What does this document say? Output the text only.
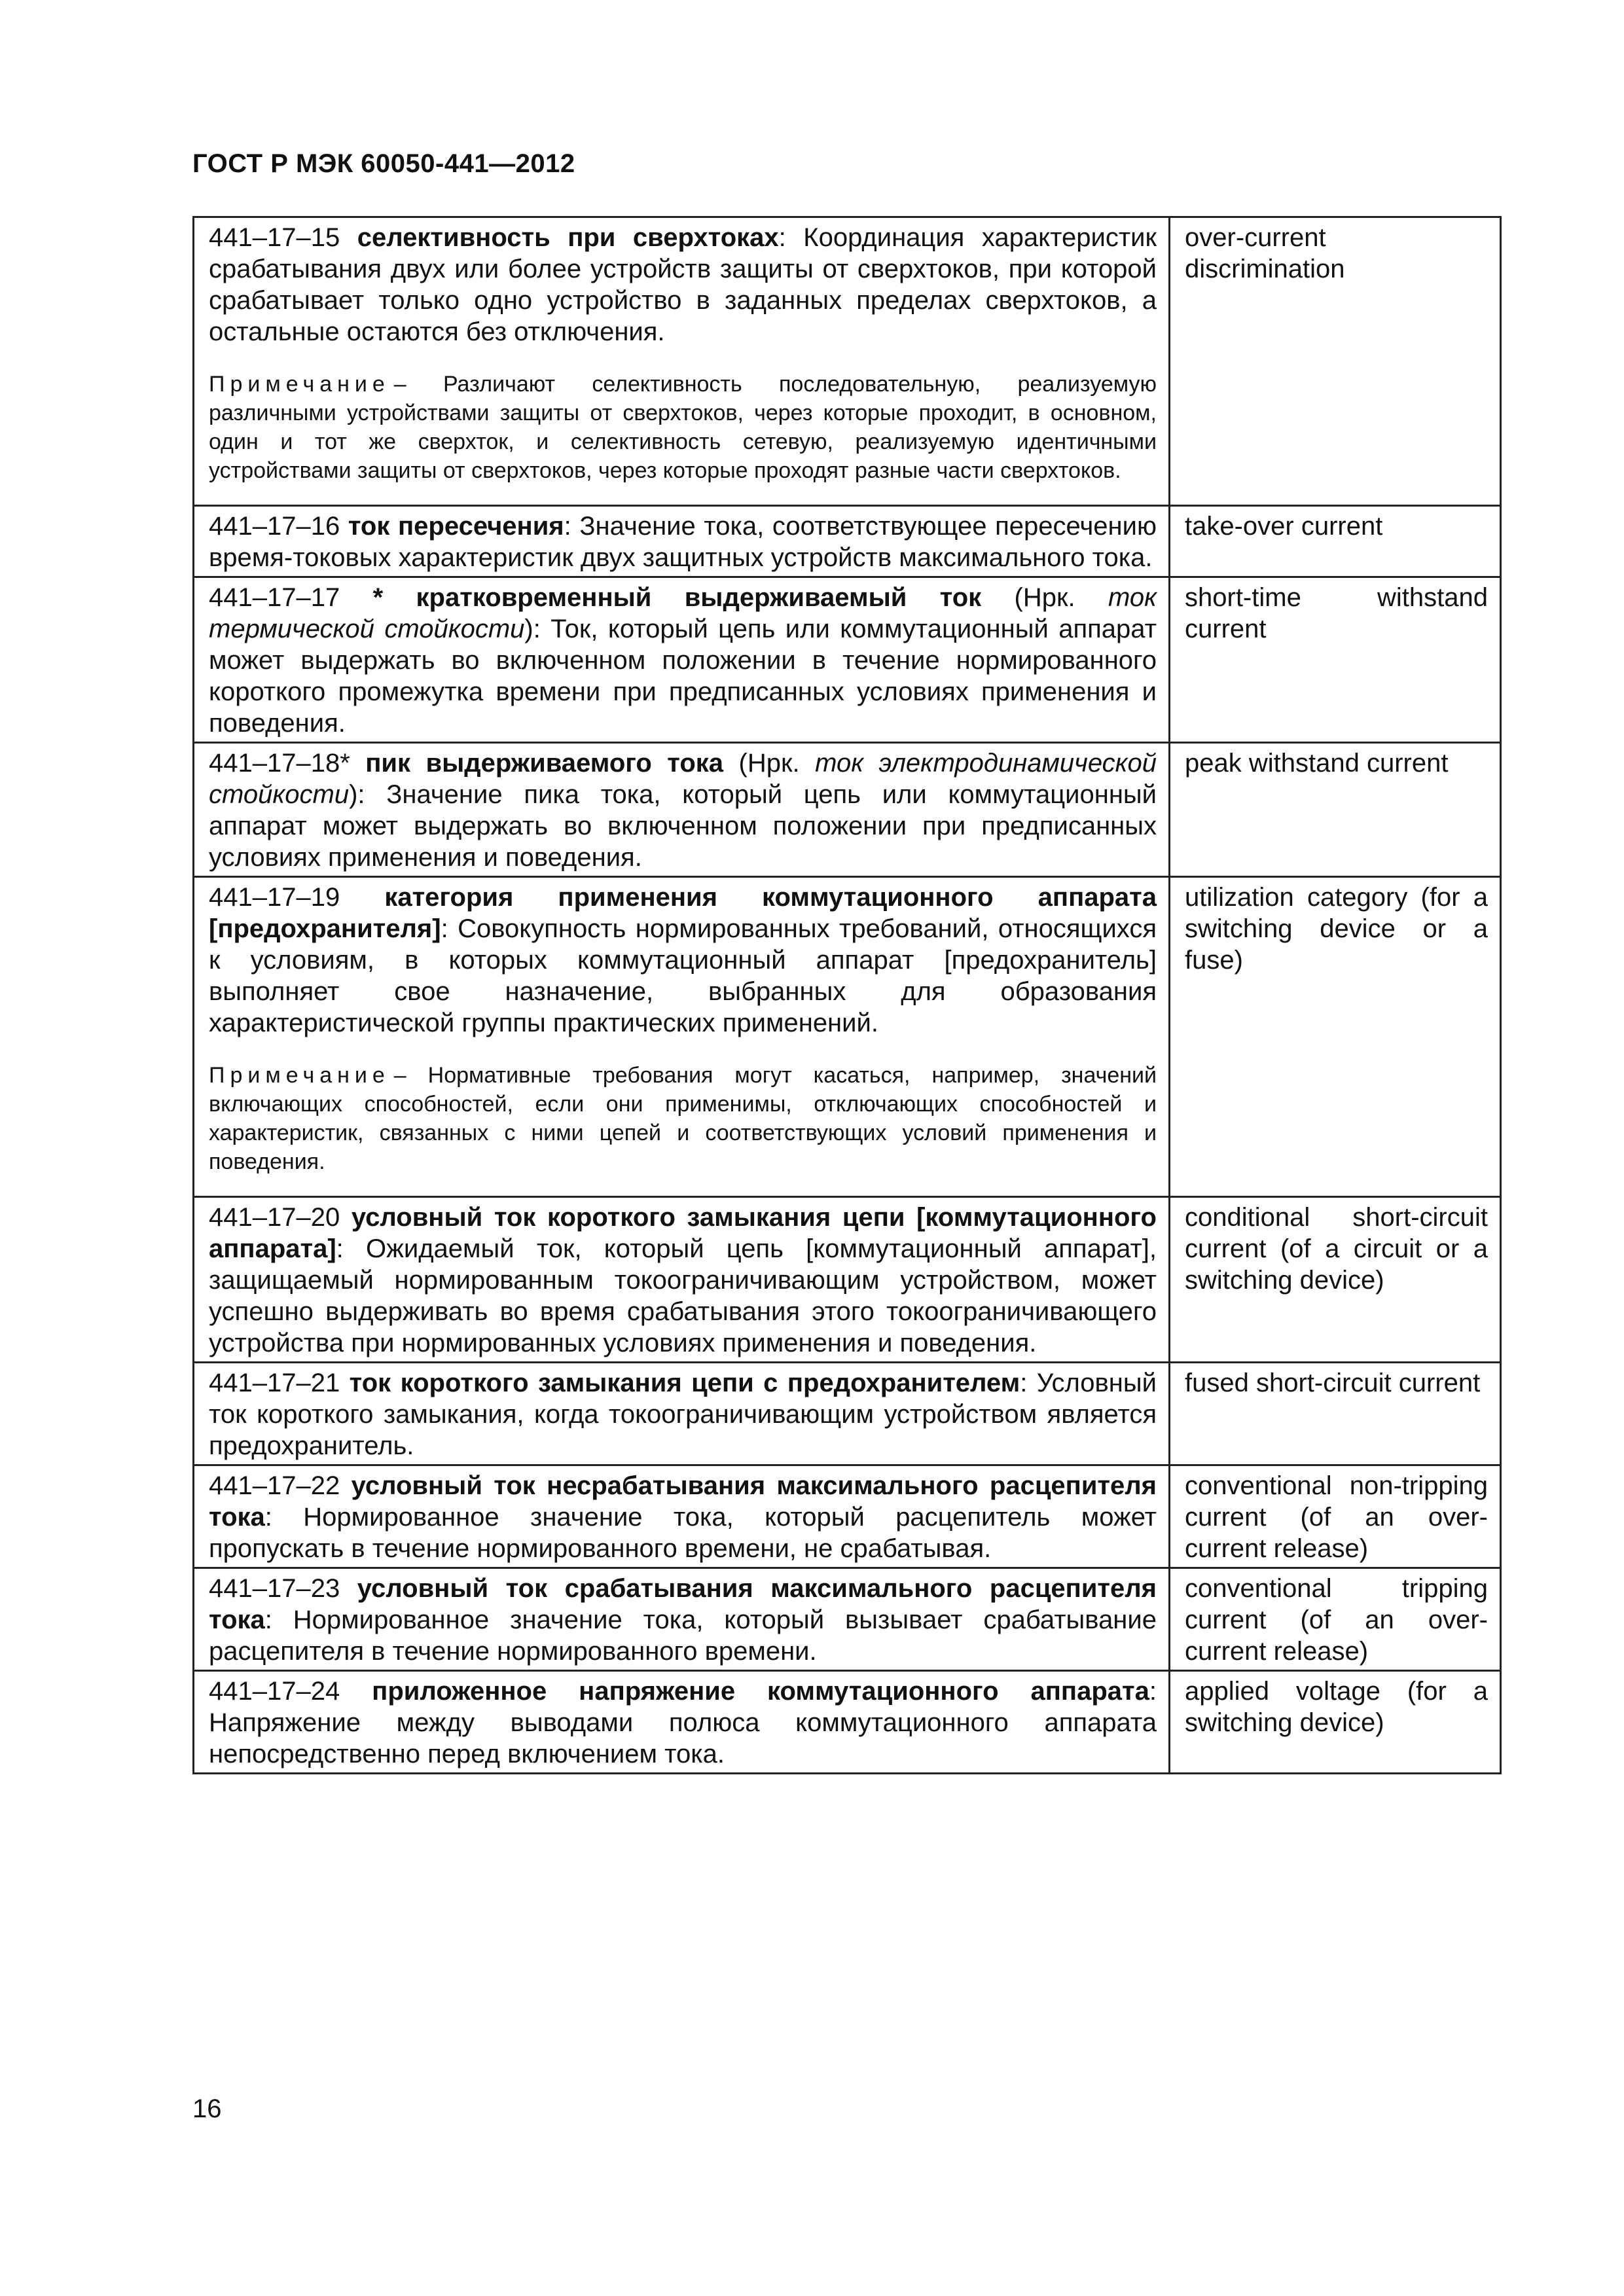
ГОСТ Р МЭК 60050-441—2012
441–17–15 селективность при сверхтоках: Координация характеристик срабатывания двух или более устройств защиты от сверхтоков, при которой срабатывает только одно устройство в заданных пределах сверхтоков, а остальные остаются без отключения.
Примечание – Различают селективность последовательную, реализуемую различными устройствами защиты от сверхтоков, через которые проходит, в основном, один и тот же сверхток, и селективность сетевую, реализуемую идентичными устройствами защиты от сверхтоков, через которые проходят разные части сверхтоков.	over-current discrimination
441–17–16 ток пересечения: Значение тока, соответствующее пересечению время-токовых характеристик двух защитных устройств максимального тока.	take-over current
441–17–17 * кратковременный выдерживаемый ток (Нрк. ток термической стойкости): Ток, который цепь или коммутационный аппарат может выдержать во включенном положении в течение нормированного короткого промежутка времени при предписанных условиях применения и поведения.	short-time withstand current
441–17–18* пик выдерживаемого тока (Нрк. ток электродинамической стойкости): Значение пика тока, который цепь или коммутационный аппарат может выдержать во включенном положении при предписанных условиях применения и поведения.	peak withstand current
441–17–19 категория применения коммутационного аппарата [предохранителя]: Совокупность нормированных требований, относящихся к условиям, в которых коммутационный аппарат [предохранитель] выполняет свое назначение, выбранных для образования характеристической группы практических применений.
Примечание – Нормативные требования могут касаться, например, значений включающих способностей, если они применимы, отключающих способностей и характеристик, связанных с ними цепей и соответствующих условий применения и поведения.	utilization category (for a switching device or a fuse)
441–17–20 условный ток короткого замыкания цепи [коммутационного аппарата]: Ожидаемый ток, который цепь [коммутационный аппарат], защищаемый нормированным токоограничивающим устройством, может успешно выдерживать во время срабатывания этого токоограничивающего устройства при нормированных условиях применения и поведения.	conditional short-circuit current (of a circuit or a switching device)
441–17–21 ток короткого замыкания цепи с предохранителем: Условный ток короткого замыкания, когда токоограничивающим устройством является предохранитель.	fused short-circuit current
441–17–22 условный ток несрабатывания максимального расцепителя тока: Нормированное значение тока, который расцепитель может пропускать в течение нормированного времени, не срабатывая.	conventional non-tripping current (of an over-current release)
441–17–23 условный ток срабатывания максимального расцепителя тока: Нормированное значение тока, который вызывает срабатывание расцепителя в течение нормированного времени.	conventional tripping current (of an over-current release)
441–17–24 приложенное напряжение коммутационного аппарата: Напряжение между выводами полюса коммутационного аппарата непосредственно перед включением тока.	applied voltage (for a switching device)
16
